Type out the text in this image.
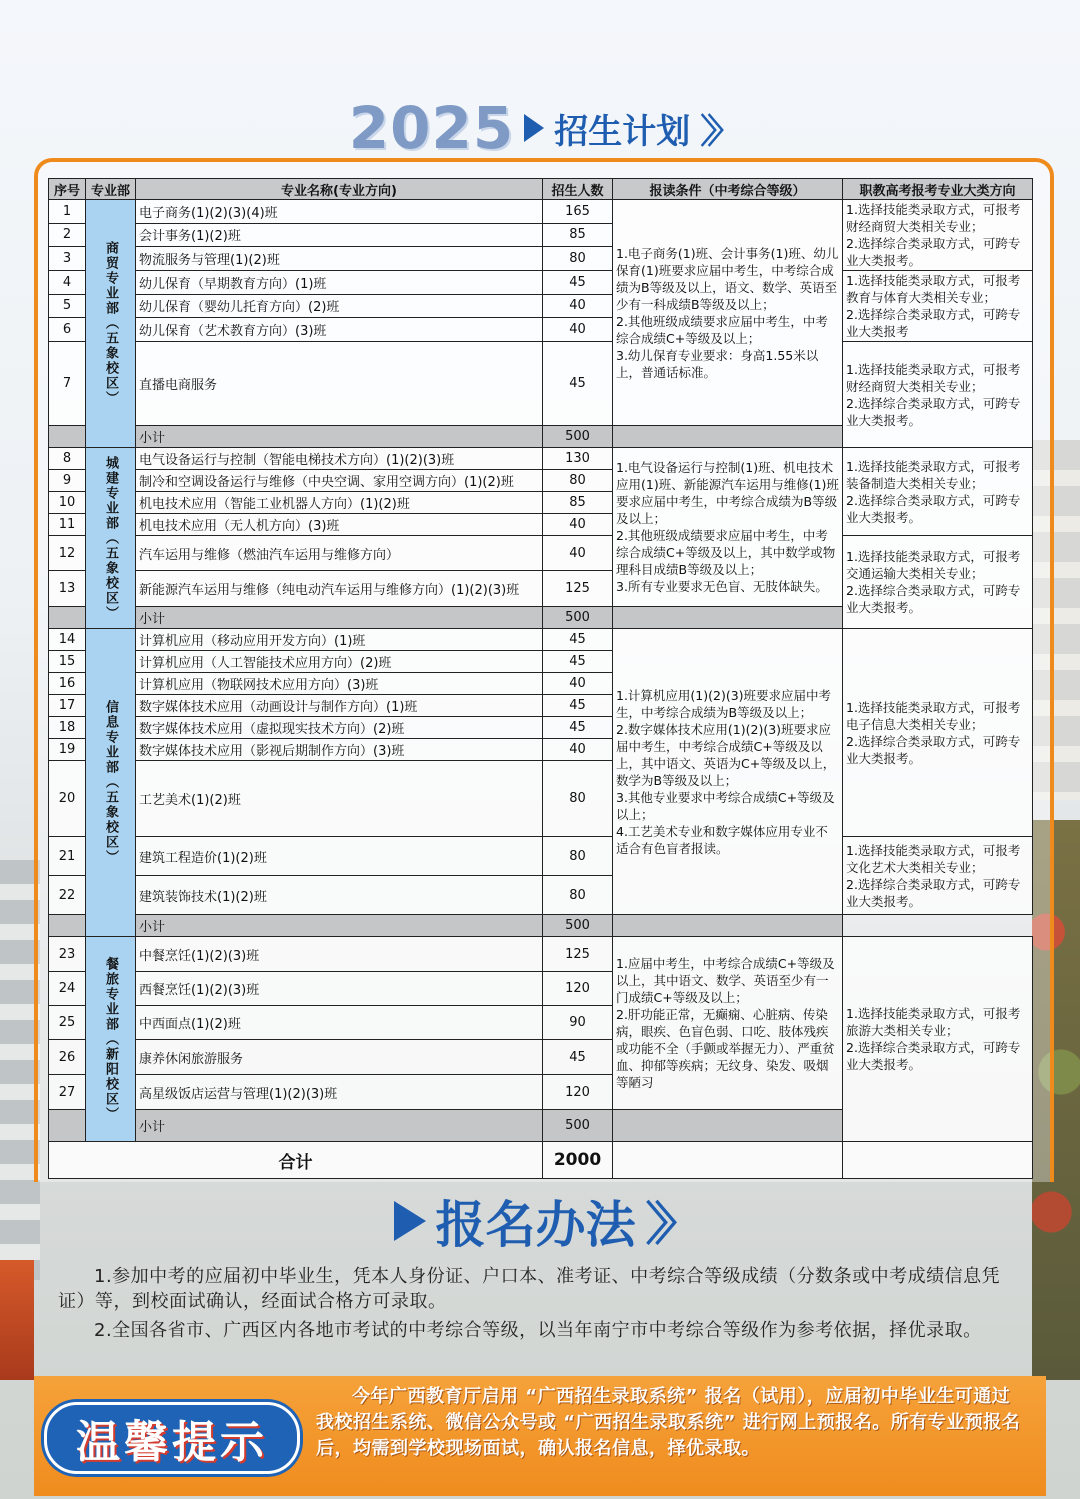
2025 招生计划 〉〉
序号	专业部	专业名称(专业方向)	招生人数	报读条件（中考综合等级）	职教高考报考专业大类方向
1	商贸专业部（五象校区）	电子商务(1)(2)(3)(4)班	165	1.电子商务(1)班、会计事务(1)班、幼儿保育(1)班要求应届中考生，中考综合成绩为B等级及以上，语文、数学、英语至少有一科成绩B等级及以上；
2.其他班级成绩要求应届中考生，中考综合成绩C+等级及以上；
3.幼儿保育专业要求：身高1.55米以上，普通话标准。	1.选择技能类录取方式，可报考财经商贸大类相关专业；
2.选择综合类录取方式，可跨专业大类报考。
2		会计事务(1)(2)班	85		
3		物流服务与管理(1)(2)班	80		
4		幼儿保育（早期教育方向）(1)班	45		1.选择技能类录取方式，可报考教育与体育大类相关专业；
2.选择综合类录取方式，可跨专业大类报考
5		幼儿保育（婴幼儿托育方向）(2)班	40		
6		幼儿保育（艺术教育方向）(3)班	40		
7		直播电商服务	45		1.选择技能类录取方式，可报考财经商贸大类相关专业；
2.选择综合类录取方式，可跨专业大类报考。
		小计	500		
8	城建专业部（五象校区）	电气设备运行与控制（智能电梯技术方向）(1)(2)(3)班	130	1.电气设备运行与控制(1)班、机电技术应用(1)班、新能源汽车运用与维修(1)班要求应届中考生，中考综合成绩为B等级及以上；
2.其他班级成绩要求应届中考生，中考综合成绩C+等级及以上，其中数学或物理科目成绩B等级及以上；
3.所有专业要求无色盲、无肢体缺失。	1.选择技能类录取方式，可报考装备制造大类相关专业；
2.选择综合类录取方式，可跨专业大类报考。
9		制冷和空调设备运行与维修（中央空调、家用空调方向）(1)(2)班	80		
10		机电技术应用（智能工业机器人方向）(1)(2)班	85		
11		机电技术应用（无人机方向）(3)班	40		
12		汽车运用与维修（燃油汽车运用与维修方向）	40		1.选择技能类录取方式，可报考交通运输大类相关专业；
2.选择综合类录取方式，可跨专业大类报考。
13		新能源汽车运用与维修（纯电动汽车运用与维修方向）(1)(2)(3)班	125		
		小计	500		
14	信息专业部（五象校区）	计算机应用（移动应用开发方向）(1)班	45	1.计算机应用(1)(2)(3)班要求应届中考生，中考综合成绩为B等级及以上；
2.数字媒体技术应用(1)(2)(3)班要求应届中考生，中考综合成绩C+等级及以上，其中语文、英语为C+等级及以上，数学为B等级及以上；
3.其他专业要求中考综合成绩C+等级及以上；
4.工艺美术专业和数字媒体应用专业不适合有色盲者报读。	1.选择技能类录取方式，可报考电子信息大类相关专业；
2.选择综合类录取方式，可跨专业大类报考。
15		计算机应用（人工智能技术应用方向）(2)班	45		
16		计算机应用（物联网技术应用方向）(3)班	40		
17		数字媒体技术应用（动画设计与制作方向）(1)班	45		
18		数字媒体技术应用（虚拟现实技术方向）(2)班	45		
19		数字媒体技术应用（影视后期制作方向）(3)班	40		
20		工艺美术(1)(2)班	80		
21		建筑工程造价(1)(2)班	80		1.选择技能类录取方式，可报考文化艺术大类相关专业；
2.选择综合类录取方式，可跨专业大类报考。
22		建筑装饰技术(1)(2)班	80		
		小计	500		
23	餐旅专业部（新阳校区）	中餐烹饪(1)(2)(3)班	125	1.应届中考生，中考综合成绩C+等级及以上，其中语文、数学、英语至少有一门成绩C+等级及以上；
2.肝功能正常，无癫痫、心脏病、传染病，眼疾、色盲色弱、口吃、肢体残疾或功能不全（手颤或举握无力）、严重贫血、抑郁等疾病；无纹身、染发、吸烟等陋习	1.选择技能类录取方式，可报考旅游大类相关专业；
2.选择综合类录取方式，可跨专业大类报考。
24		西餐烹饪(1)(2)(3)班	120		
25		中西面点(1)(2)班	90		
26		康养休闲旅游服务	45		
27		高星级饭店运营与管理(1)(2)(3)班	120		
		小计	500		
合计			2000		
报名办法 〉〉

1.参加中考的应届初中毕业生，凭本人身份证、户口本、准考证、中考综合等级成绩（分数条或中考成绩信息凭证）等，到校面试确认，经面试合格方可录取。

2.全国各省市、广西区内各地市考试的中考综合等级，以当年南宁市中考综合等级作为参考依据，择优录取。

温馨提示
今年广西教育厅启用 “广西招生录取系统” 报名（试用），应届初中毕业生可通过我校招生系统、微信公众号或 “广西招生录取系统” 进行网上预报名。所有专业预报名后，均需到学校现场面试，确认报名信息，择优录取。
